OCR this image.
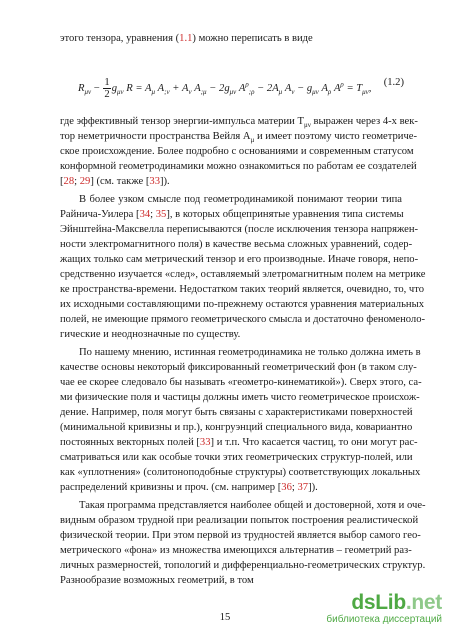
этого тензора, уравнения (1.1) можно переписать в виде
где эффективный тензор энергии-импульса материи $T_{\mu\nu}$ выражен через 4-х век-
тор неметричности пространства Вейля $A_\mu$ и имеет поэтому чисто геометриче-
ское происхождение. Более подробно с основаниями и современным статусом
конформной геометродинамики можно ознакомиться по работам ее создателей
[28; 29] (см. также [33]).
В более узком смысле под геометродинамикой понимают теории типа
Райнича-Уилера [34; 35], в которых общепринятые уравнения типа системы
Эйнштейна-Максвелла переписываются (после исключения тензора напряжен-
ности электромагнитного поля) в качестве весьма сложных уравнений, содер-
жащих только сам метрический тензор и его производные. Иначе говоря, непо-
средственно изучается «след», оставляемый элетромагнитным полем на метрике
ке пространства-времени. Недостатком таких теорий является, очевидно, то, что
их исходными составляющими по-прежнему остаются уравнения материальных
полей, не имеющие прямого геометрического смысла и достаточно феноменоло-
гические и неоднозначные по существу.
По нашему мнению, истинная геометродинамика не только должна иметь в
качестве основы некоторый фиксированный геометрический фон (в таком слу-
чае ее скорее следовало бы называть «геометро-кинематикой»). Сверх этого, са-
ми физические поля и частицы должны иметь чисто геометрическое происхож-
дение. Например, поля могут быть связаны с характеристиками поверхностей
(минимальной кривизны и пр.), конгруэнций специального вида, ковариантно
постоянных векторных полей [33] и т.п. Что касается частиц, то они могут рас-
сматриваться или как особые точки этих геометрических структур-полей, или
как «уплотнения» (солитоноподобные структуры) соответствующих локальных
распределений кривизны и проч. (см. например [36; 37]).
Такая программа представляется наиболее общей и достоверной, хотя и оче-
видным образом трудной при реализации попыток построения реалистической
физической теории. При этом первой из трудностей является выбор самого гео-
метрического «фона» из множества имеющихся альтернатив – геометрий раз-
личных размерностей, топологий и дифференциально-геометрических структур.
Разнообразие возможных геометрий, в том
$R_{\mu\nu} - \frac{1}{2} g_{\mu\nu}$ $R = A_\mu$ $A_{;\nu} + A_\nu$ $A_{;\mu} - 2g_{\mu\nu}$ $A^\rho_{;\rho} - 2A_\mu$ $A_\nu - g_{\mu\nu}$ $A_\rho$ $A^\rho = T_{\mu\nu}$,
(1.2)
15
dsLib.net
библиотека диссертаций
